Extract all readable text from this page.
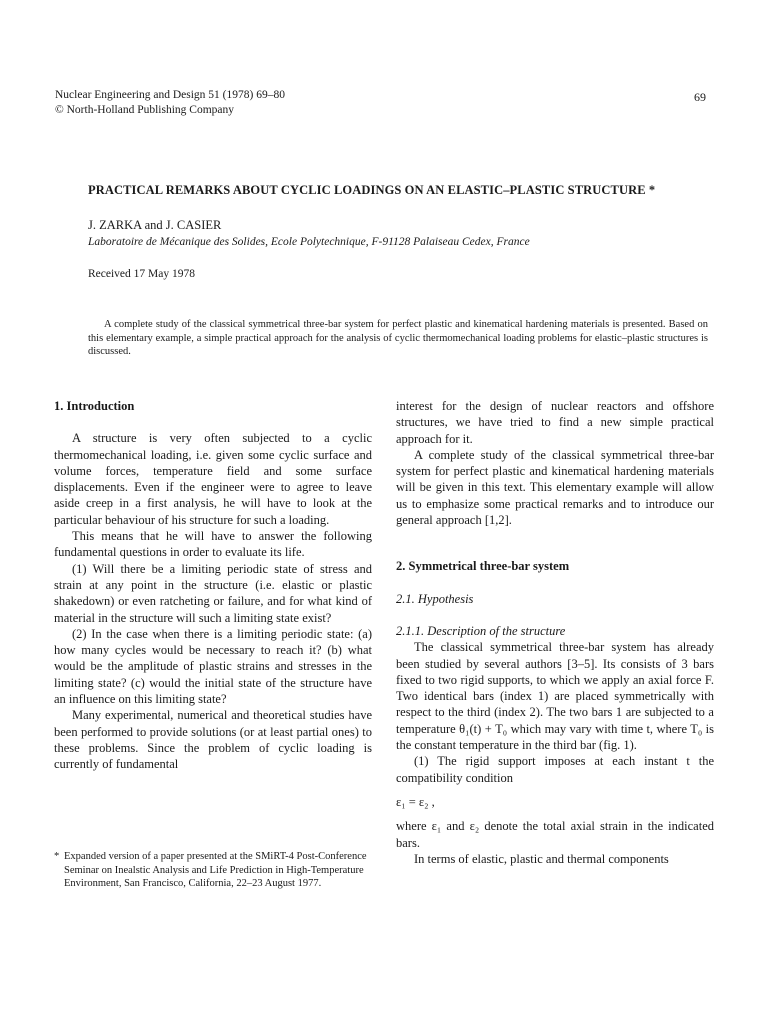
Nuclear Engineering and Design 51 (1978) 69–80
© North-Holland Publishing Company
69
PRACTICAL REMARKS ABOUT CYCLIC LOADINGS ON AN ELASTIC–PLASTIC STRUCTURE *
J. ZARKA and J. CASIER
Laboratoire de Mécanique des Solides, Ecole Polytechnique, F-91128 Palaiseau Cedex, France
Received 17 May 1978
A complete study of the classical symmetrical three-bar system for perfect plastic and kinematical hardening materials is presented. Based on this elementary example, a simple practical approach for the analysis of cyclic thermomechanical loading problems for elastic–plastic structures is discussed.
1. Introduction

A structure is very often subjected to a cyclic thermomechanical loading, i.e. given some cyclic surface and volume forces, temperature field and some surface displacements. Even if the engineer were to agree to leave aside creep in a first analysis, he will have to look at the particular behaviour of his structure for such a loading.

This means that he will have to answer the following fundamental questions in order to evaluate its life.

(1) Will there be a limiting periodic state of stress and strain at any point in the structure (i.e. elastic or plastic shakedown) or even ratcheting or failure, and for what kind of material in the structure will such a limiting state exist?

(2) In the case when there is a limiting periodic state: (a) how many cycles would be necessary to reach it? (b) what would be the amplitude of plastic strains and stresses in the limiting state? (c) would the initial state of the structure have an influence on this limiting state?

Many experimental, numerical and theoretical studies have been performed to provide solutions (or at least partial ones) to these problems. Since the problem of cyclic loading is currently of fundamental

* Expanded version of a paper presented at the SMiRT-4 Post-Conference Seminar on Inealstic Analysis and Life Prediction in High-Temperature Environment, San Francisco, California, 22–23 August 1977.

interest for the design of nuclear reactors and offshore structures, we have tried to find a new simple practical approach for it.

A complete study of the classical symmetrical three-bar system for perfect plastic and kinematical hardening materials will be given in this text. This elementary example will allow us to emphasize some practical remarks and to introduce our general approach [1,2].

2. Symmetrical three-bar system
2.1. Hypothesis
2.1.1. Description of the structure

The classical symmetrical three-bar system has already been studied by several authors [3–5]. Its consists of 3 bars fixed to two rigid supports, to which we apply an axial force F. Two identical bars (index 1) are placed symmetrically with respect to the third (index 2). The two bars 1 are subjected to a temperature θ₁(t) + T₀ which may vary with time t, where T₀ is the constant temperature in the third bar (fig. 1).

(1) The rigid support imposes at each instant t the compatibility condition

ε₁ = ε₂ ,

where ε₁ and ε₂ denote the total axial strain in the indicated bars.

In terms of elastic, plastic and thermal components
